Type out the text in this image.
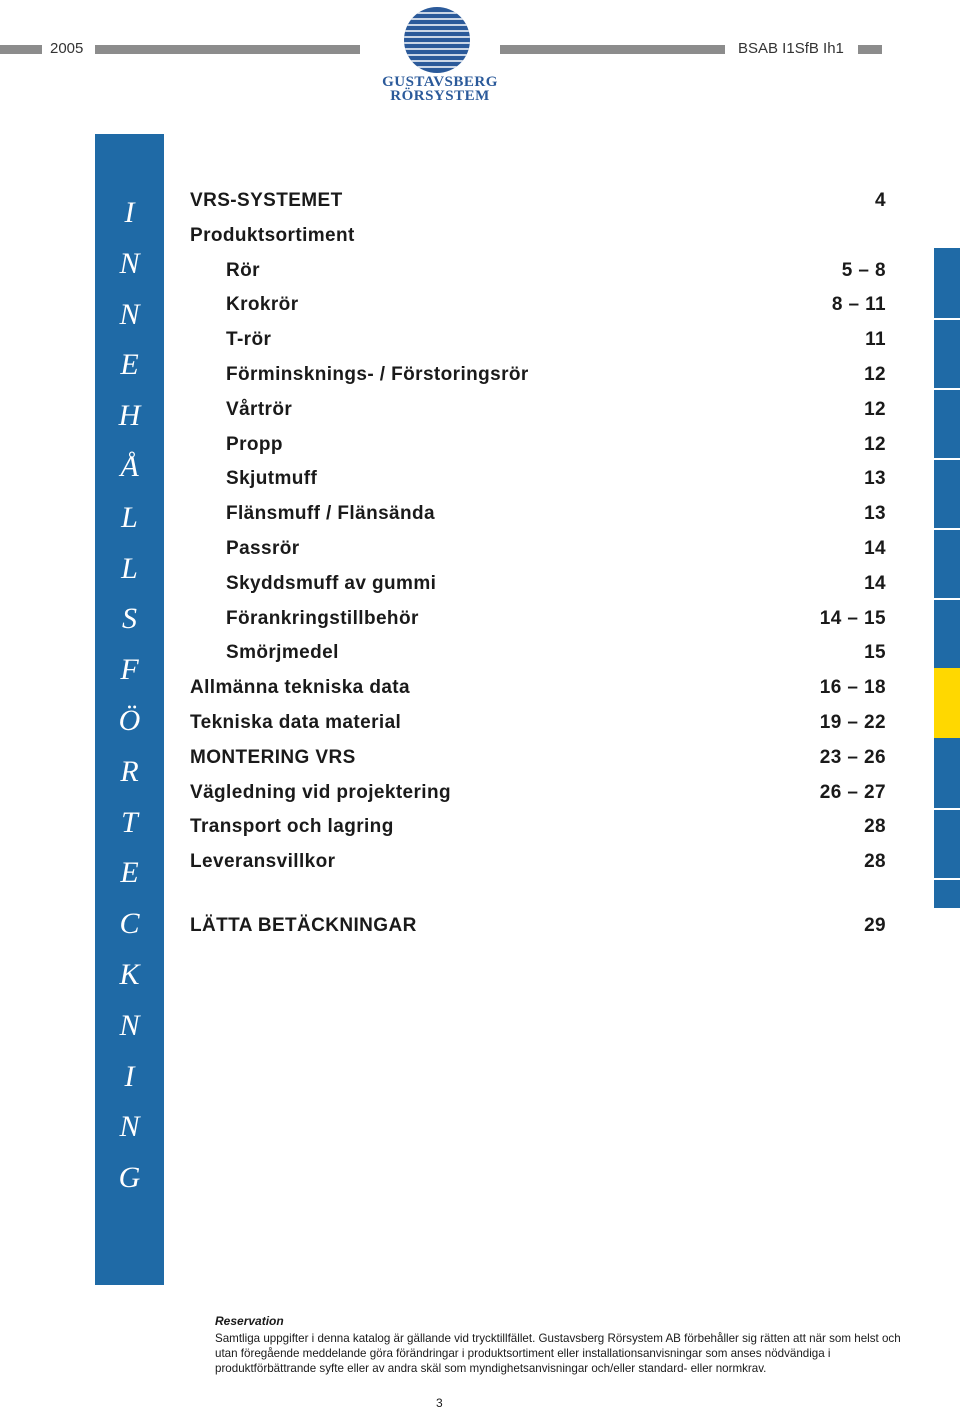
2005	BSAB I1SfB Ih1
GUSTAVSBERG
RÖRSYSTEM
I
N
N
E
H
Å
L
L
S
F
Ö
R
T
E
C
K
N
I
N
G
VRS-SYSTEMET	4
Produktsortiment
Rör	5 – 8
Krokrör	8 – 11
T-rör	11
Förminsknings- / Förstoringsrör	12
Vårtrör	12
Propp	12
Skjutmuff	13
Flänsmuff / Flänsända	13
Passrör	14
Skyddsmuff av gummi	14
Förankringstillbehör	14 – 15
Smörjmedel	15
Allmänna tekniska data	16 – 18
Tekniska data material	19 – 22
MONTERING VRS	23 – 26
Vägledning vid projektering	26 – 27
Transport och lagring	28
Leveransvillkor	28
LÄTTA BETÄCKNINGAR	29
Reservation
Samtliga uppgifter i denna katalog är gällande vid trycktillfället. Gustavsberg Rörsystem AB förbehåller sig rätten att när som helst och utan föregående meddelande göra förändringar i produktsortiment eller installationsanvisningar som anses nödvändiga i produktförbättrande syfte eller av andra skäl som myndighetsanvisningar och/eller standard- eller normkrav.
3
